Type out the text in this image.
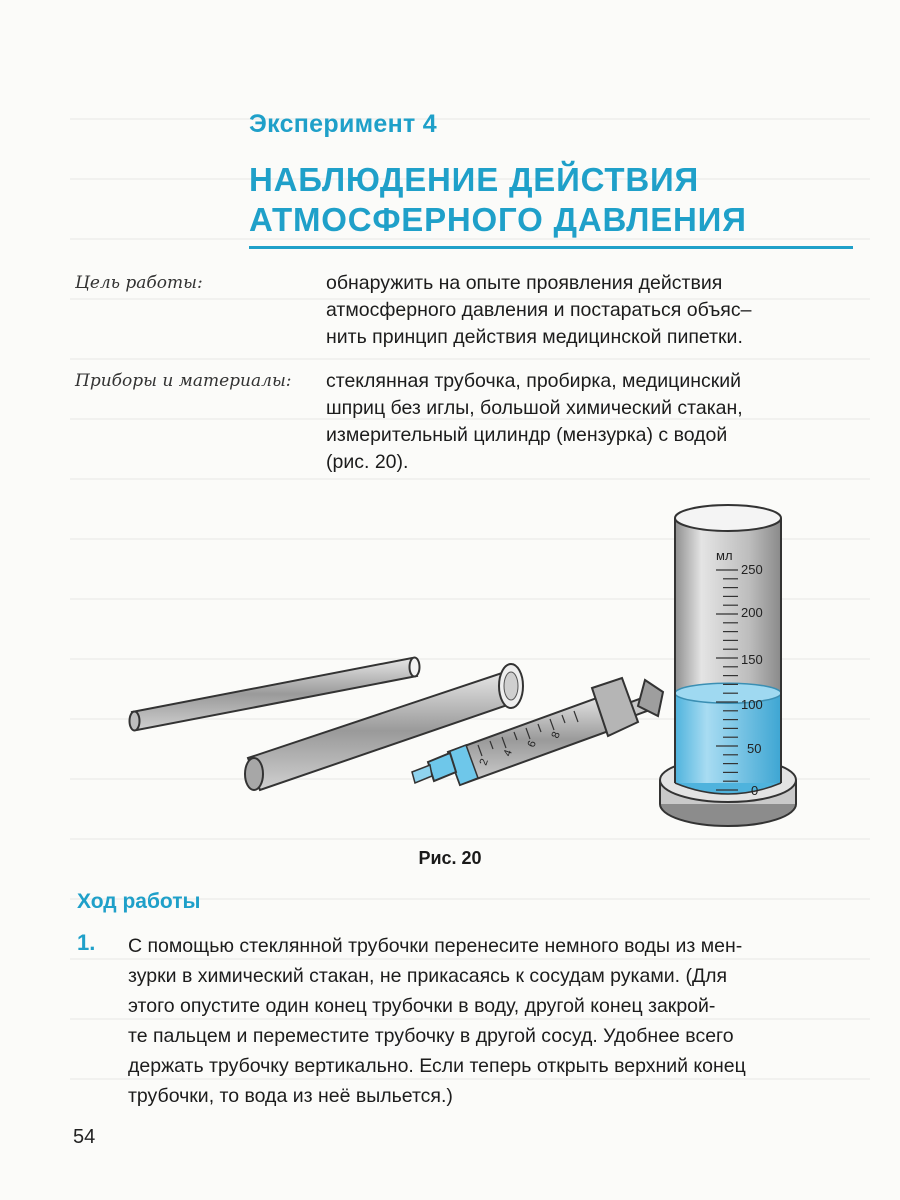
Эксперимент 4
НАБЛЮДЕНИЕ ДЕЙСТВИЯ
АТМОСФЕРНОГО ДАВЛЕНИЯ
Цель работы:	обнаружить на опыте проявления действия
атмосферного давления и постараться объяс–
нить принцип действия медицинской пипетки.
Приборы и материалы: стеклянная трубочка, пробирка, медицинский
шприц без иглы, большой химический стакан,
измерительный цилиндр (мензурка) с водой
(рис. 20).
2
4
6
8
мл
250
200
150
100
50
0
Рис. 20
Ход работы
1. С помощью стеклянной трубочки перенесите немного воды из мен-
зурки в химический стакан, не прикасаясь к сосудам руками. (Для
этого опустите один конец трубочки в воду, другой конец закрой-
те пальцем и переместите трубочку в другой сосуд. Удобнее всего
держать трубочку вертикально. Если теперь открыть верхний конец
трубочки, то вода из неё выльется.)
54
